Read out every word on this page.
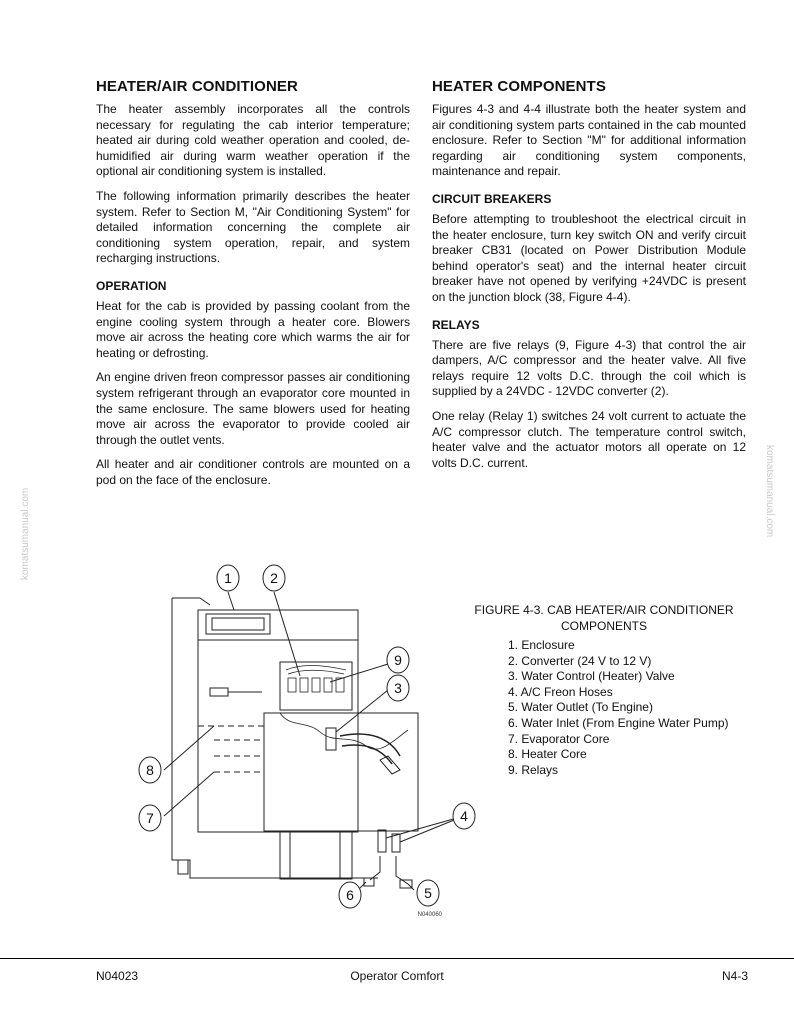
komatsumanual.com	komatsumanual.com
HEATER/AIR CONDITIONER

The heater assembly incorporates all the controls necessary for regulating the cab interior temperature; heated air during cold weather operation and cooled, de-humidified air during warm weather operation if the optional air conditioning system is installed.

The following information primarily describes the heater system. Refer to Section M, "Air Conditioning System" for detailed information concerning the complete air conditioning system operation, repair, and system recharging instructions.

OPERATION

Heat for the cab is provided by passing coolant from the engine cooling system through a heater core. Blowers move air across the heating core which warms the air for heating or defrosting.

An engine driven freon compressor passes air conditioning system refrigerant through an evaporator core mounted in the same enclosure. The same blowers used for heating move air across the evaporator to provide cooled air through the outlet vents.

All heater and air conditioner controls are mounted on a pod on the face of the enclosure.

HEATER COMPONENTS

Figures 4-3 and 4-4 illustrate both the heater system and air conditioning system parts contained in the cab mounted enclosure. Refer to Section "M" for additional information regarding air conditioning system components, maintenance and repair.

CIRCUIT BREAKERS

Before attempting to troubleshoot the electrical circuit in the heater enclosure, turn key switch ON and verify circuit breaker CB31 (located on Power Distribution Module behind operator's seat) and the internal heater circuit breaker have not opened by verifying +24VDC is present on the junction block (38, Figure 4-4).

RELAYS

There are five relays (9, Figure 4-3) that control the air dampers, A/C compressor and the heater valve. All five relays require 12 volts D.C. through the coil which is supplied by a 24VDC - 12VDC converter (2).

One relay (Relay 1) switches 24 volt current to actuate the A/C compressor clutch. The temperature control switch, heater valve and the actuator motors all operate on 12 volts D.C. current.

1	2
3
4
5
6
7
8
9
N040060
FIGURE 4-3. CAB HEATER/AIR CONDITIONER
COMPONENTS
1. Enclosure
2. Converter (24 V to 12 V)
3. Water Control (Heater) Valve
4. A/C Freon Hoses
5. Water Outlet (To Engine)
6. Water Inlet (From Engine Water Pump)
7. Evaporator Core
8. Heater Core
9. Relays
N04023	Operator Comfort	N4-3
